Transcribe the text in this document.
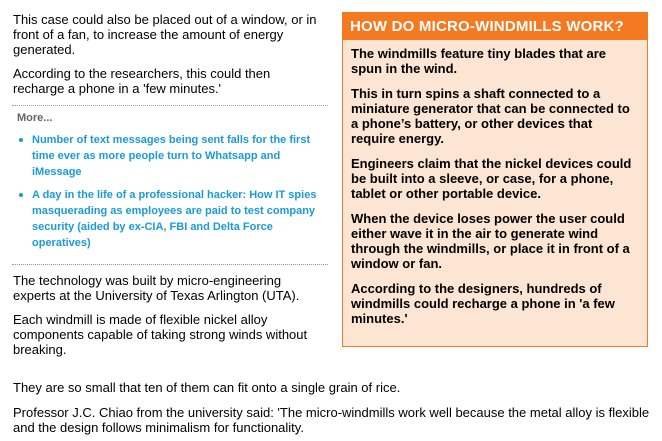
This case could also be placed out of a window, or in front of a fan, to increase the amount of energy generated.

According to the researchers, this could then recharge a phone in a 'few minutes.'

More...
Number of text messages being sent falls for the first time ever as more people turn to Whatsapp and iMessage
A day in the life of a professional hacker: How IT spies masquerading as employees are paid to test company security (aided by ex-CIA, FBI and Delta Force operatives)

The technology was built by micro-engineering experts at the University of Texas Arlington (UTA).

Each windmill is made of flexible nickel alloy components capable of taking strong winds without breaking.

They are so small that ten of them can fit onto a single grain of rice.

Professor J.C. Chiao from the university said: 'The micro-windmills work well because the metal alloy is flexible and the design follows minimalism for functionality.

HOW DO MICRO-WINDMILLS WORK?

The windmills feature tiny blades that are spun in the wind.

This in turn spins a shaft connected to a miniature generator that can be connected to a phone’s battery, or other devices that require energy.

Engineers claim that the nickel devices could be built into a sleeve, or case, for a phone, tablet or other portable device.

When the device loses power the user could either wave it in the air to generate wind through the windmills, or place it in front of a window or fan.

According to the designers, hundreds of windmills could recharge a phone in 'a few minutes.'
